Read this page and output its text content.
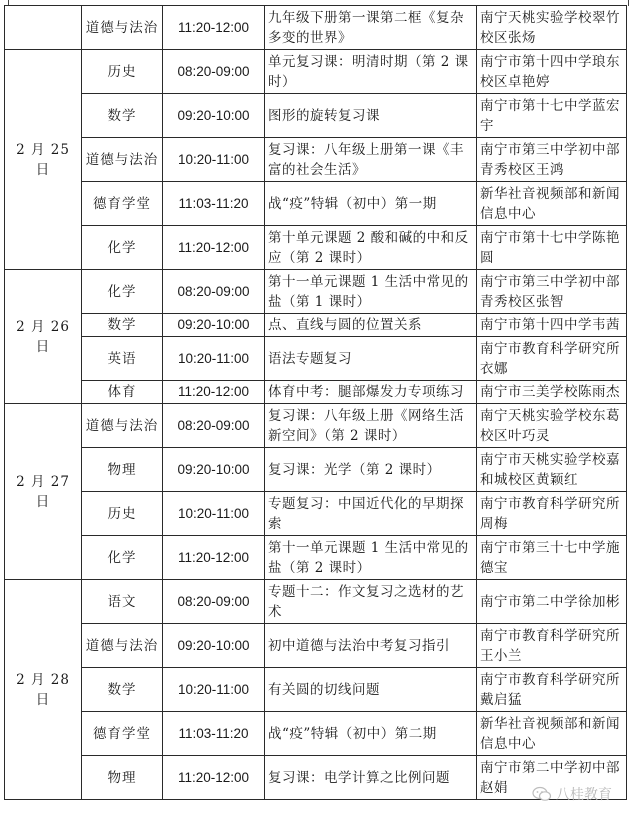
	道德与法治	11:20-12:00	九年级下册第一课第二框《复杂多变的世界》	南宁天桃实验学校翠竹校区张炀
2 月 25 日	历史	08:20-09:00	单元复习课：明清时期（第 2 课时）	南宁市第十四中学琅东校区卓艳婷
	数学	09:20-10:00	图形的旋转复习课	南宁市第十七中学蓝宏宇
	道德与法治	10:20-11:00	复习课：八年级上册第一课《丰富的社会生活》	南宁市第三中学初中部青秀校区王鸿
	德育学堂	11:03-11:20	战“疫”特辑（初中）第一期	新华社音视频部和新闻信息中心
	化学	11:20-12:00	第十单元课题 2 酸和碱的中和反应（第 2 课时）	南宁市第十七中学陈艳圆
2 月 26 日	化学	08:20-09:00	第十一单元课题 1 生活中常见的盐（第 1 课时）	南宁市第三中学初中部青秀校区张智
	数学	09:20-10:00	点、直线与圆的位置关系	南宁市第十四中学韦茜
	英语	10:20-11:00	语法专题复习	南宁市教育科学研究所衣娜
	体育	11:20-12:00	体育中考：腿部爆发力专项练习	南宁市三美学校陈雨杰
2 月 27 日	道德与法治	08:20-09:00	复习课：八年级上册《网络生活新空间》（第 2 课时）	南宁天桃实验学校东葛校区叶巧灵
	物理	09:20-10:00	复习课：光学（第 2 课时）	南宁市天桃实验学校嘉和城校区黄颖红
	历史	10:20-11:00	专题复习：中国近代化的早期探索	南宁市教育科学研究所周梅
	化学	11:20-12:00	第十一单元课题 1 生活中常见的盐（第 2 课时）	南宁市第三十七中学施德宝
2 月 28 日	语文	08:20-09:00	专题十二：作文复习之选材的艺术	南宁市第二中学徐加彬
	道德与法治	09:20-10:00	初中道德与法治中考复习指引	南宁市教育科学研究所王小兰
	数学	10:20-11:00	有关圆的切线问题	南宁市教育科学研究所戴启猛
	德育学堂	11:03-11:20	战“疫”特辑（初中）第二期	新华社音视频部和新闻信息中心
	物理	11:20-12:00	复习课：电学计算之比例问题	南宁市第二中学初中部赵娟	八桂教育
